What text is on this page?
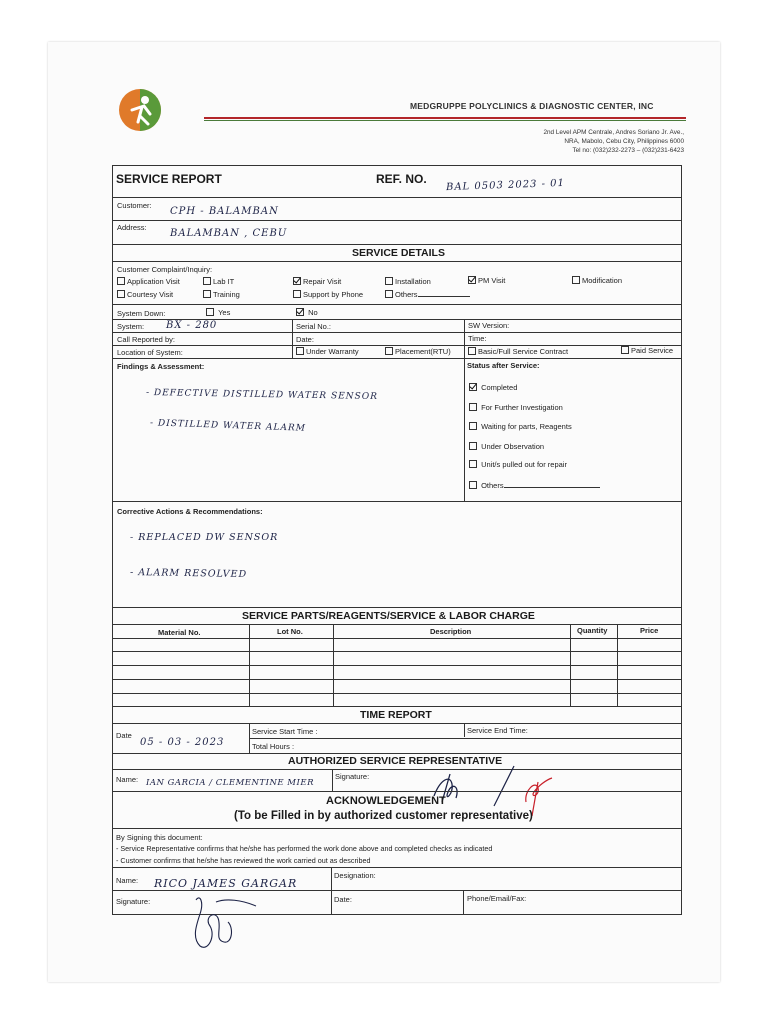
MEDGRUPPE POLYCLINICS & DIAGNOSTIC CENTER, INC
2nd Level APM Centrale, Andres Soriano Jr. Ave.,
NRA, Mabolo, Cebu City, Philippines 6000
Tel no: (032)232-2273 – (032)231-6423
SERVICE REPORT	REF. NO. BAL 0503 2023 - 01
Customer:
CPH - BALAMBAN
Address:
BALAMBAN , CEBU
SERVICE DETAILS
Customer Complaint/Inquiry:
Application Visit	Lab IT
Courtesy Visit	Training
Repair Visit
Support by Phone
Installation
Others
PM Visit	Modification
System Down:	Yes	No
System: BX - 280	Serial No.:	SW Version:
Call Reported by:	Date:	Time:
Location of System:	Under Warranty	Placement(RTU)	Basic/Full Service Contract	Paid Service
Findings & Assessment:
- DEFECTIVE DISTILLED WATER SENSOR
- DISTILLED WATER ALARM
Status after Service:
Completed
For Further Investigation
Waiting for parts, Reagents
Under Observation
Unit/s pulled out for repair
Others
Corrective Actions & Recommendations:
- REPLACED DW SENSOR
- ALARM RESOLVED
SERVICE PARTS/REAGENTS/SERVICE & LABOR CHARGE
Material No.	Lot No.	Description	Quantity	Price
TIME REPORT
Date
05 - 03 - 2023
Service Start Time :	Service End Time:
Total Hours :
AUTHORIZED SERVICE REPRESENTATIVE
Name: IAN GARCIA / CLEMENTINE MIER
Signature:
ACKNOWLEDGEMENT
(To be Filled in by authorized customer representative)
By Signing this document:
- Service Representative confirms that he/she has performed the work done above and completed checks as indicated
- Customer confirms that he/she has reviewed the work carried out as described
Name: RICO JAMES GARGAR
Designation:
Signature:	Date:	Phone/Email/Fax:
